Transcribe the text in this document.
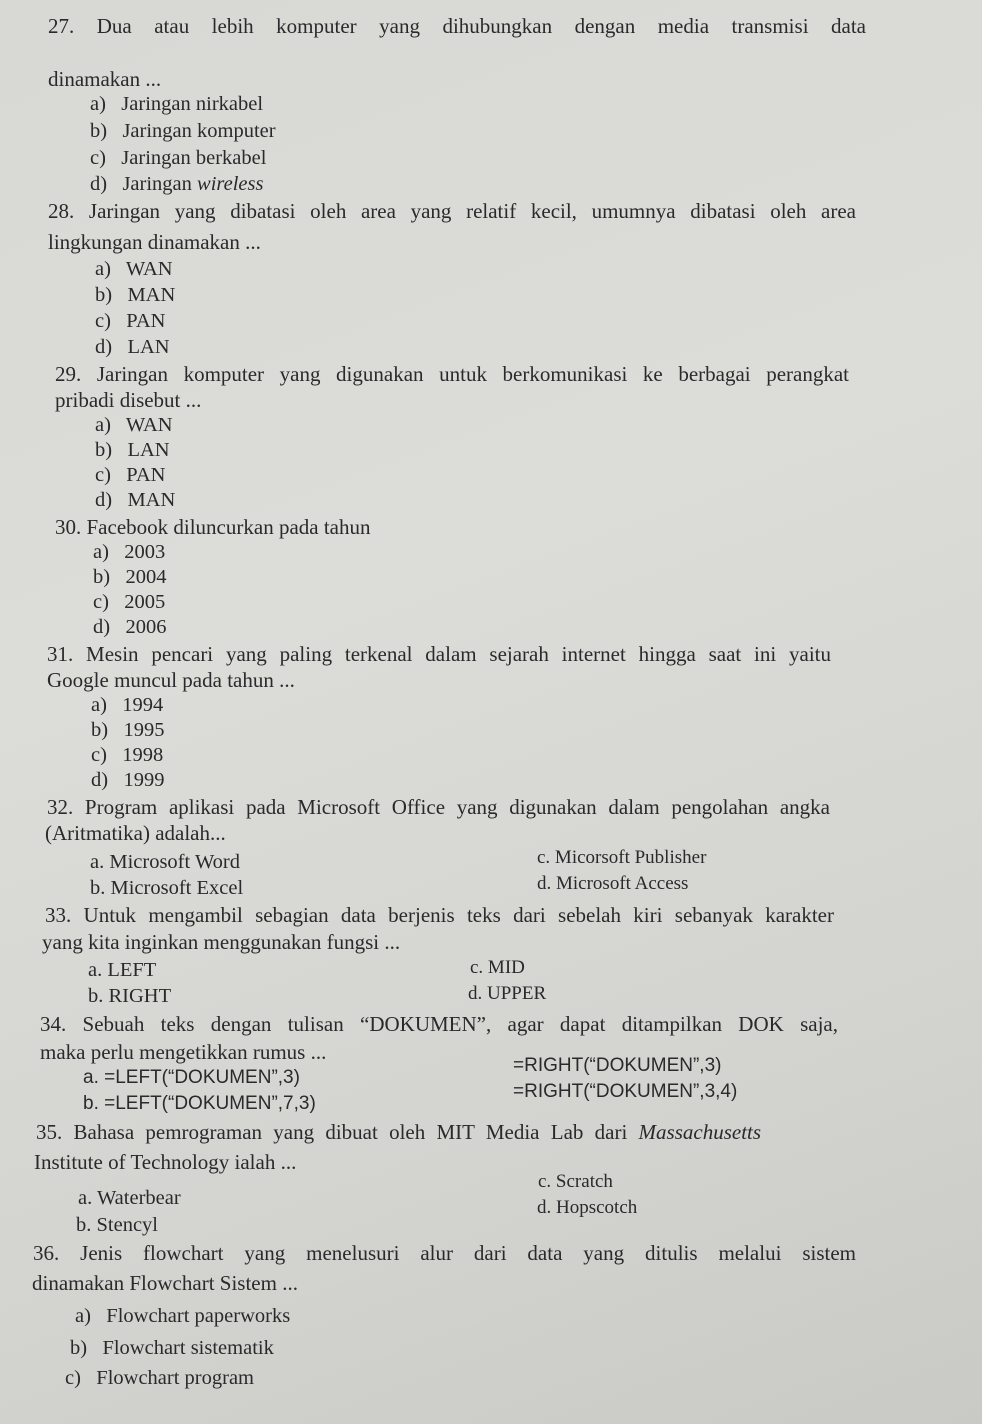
27. Dua atau lebih komputer yang dihubungkan dengan media transmisi data
dinamakan ...
a)   Jaringan nirkabel
b)   Jaringan komputer
c)   Jaringan berkabel
d)   Jaringan wireless
28. Jaringan yang dibatasi oleh area yang relatif kecil, umumnya dibatasi oleh area
lingkungan dinamakan ...
a)   WAN
b)   MAN
c)   PAN
d)   LAN
29. Jaringan komputer yang digunakan untuk berkomunikasi ke berbagai perangkat
pribadi disebut ...
a)   WAN
b)   LAN
c)   PAN
d)   MAN
30. Facebook diluncurkan pada tahun
a)   2003
b)   2004
c)   2005
d)   2006
31. Mesin pencari yang paling terkenal dalam sejarah internet hingga saat ini yaitu
Google muncul pada tahun ...
a)   1994
b)   1995
c)   1998
d)   1999
32. Program aplikasi pada Microsoft Office yang digunakan dalam pengolahan angka
(Aritmatika) adalah...
a. Microsoft Word
b. Microsoft Excel
c. Micorsoft Publisher
d. Microsoft Access
33. Untuk mengambil sebagian data berjenis teks dari sebelah kiri sebanyak karakter
yang kita inginkan menggunakan fungsi ...
a. LEFT
b. RIGHT
c. MID
d. UPPER
34. Sebuah teks dengan tulisan “DOKUMEN”, agar dapat ditampilkan DOK saja,
maka perlu mengetikkan rumus ...
a. =LEFT(“DOKUMEN”,3)
b. =LEFT(“DOKUMEN”,7,3)
=RIGHT(“DOKUMEN”,3)
=RIGHT(“DOKUMEN”,3,4)
35. Bahasa pemrograman yang dibuat oleh MIT Media Lab dari Massachusetts
Institute of Technology ialah ...
a. Waterbear
b. Stencyl
c. Scratch
d. Hopscotch
36. Jenis flowchart yang menelusuri alur dari data yang ditulis melalui sistem
dinamakan Flowchart Sistem ...
a)   Flowchart paperworks
b)   Flowchart sistematik
c)   Flowchart program
